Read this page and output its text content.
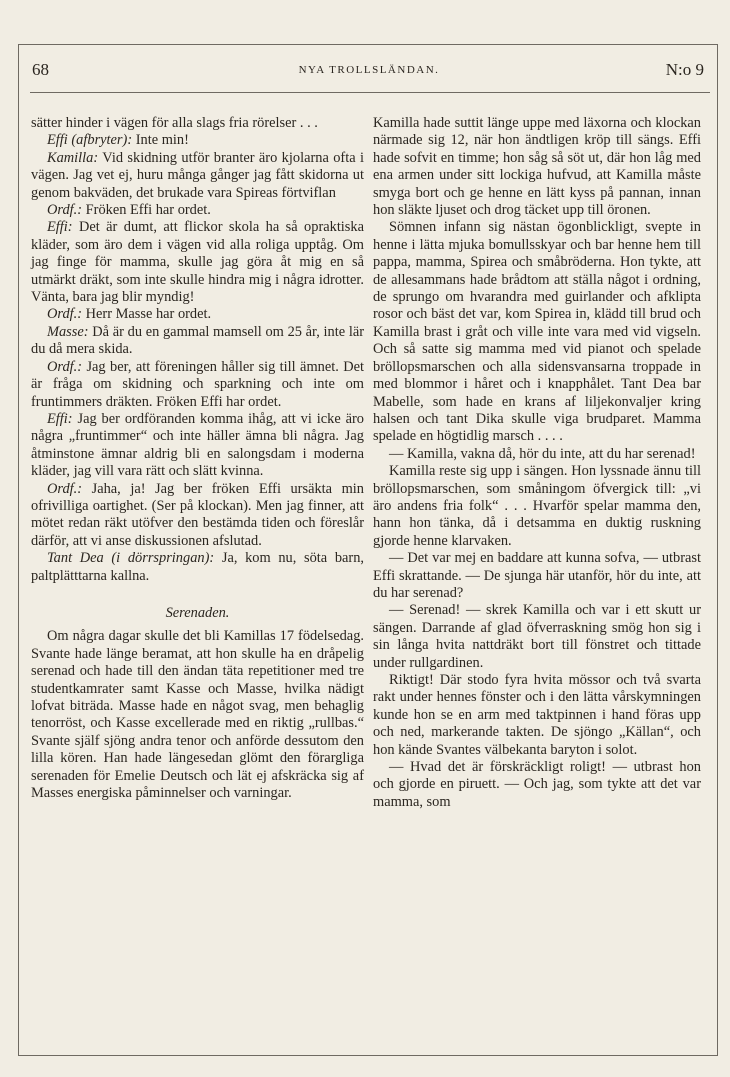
68	NYA TROLLSLÄNDAN.	N:o 9

sätter hinder i vägen för alla slags fria rörelser . . .

Effi (afbryter): Inte min!

Kamilla: Vid skidning utför branter äro kjolarna ofta i vägen. Jag vet ej, huru många gånger jag fått skidorna ut genom bakväden, det brukade vara Spireas förtviflan

Ordf.: Fröken Effi har ordet.

Effi: Det är dumt, att flickor skola ha så opraktiska kläder, som äro dem i vägen vid alla roliga upptåg. Om jag finge för mamma, skulle jag göra åt mig en så utmärkt dräkt, som inte skulle hindra mig i några idrotter. Vänta, bara jag blir myndig!

Ordf.: Herr Masse har ordet.

Masse: Då är du en gammal mamsell om 25 år, inte lär du då mera skida.

Ordf.: Jag ber, att föreningen håller sig till ämnet. Det är fråga om skidning och sparkning och inte om fruntimmers dräkten. Fröken Effi har ordet.

Effi: Jag ber ordföranden komma ihåg, att vi icke äro några „fruntimmer“ och inte häller ämna bli några. Jag åtminstone ämnar aldrig bli en salongsdam i moderna kläder, jag vill vara rätt och slätt kvinna.

Ordf.: Jaha, ja! Jag ber fröken Effi ursäkta min ofrivilliga oartighet. (Ser på klockan). Men jag finner, att mötet redan räkt utöfver den bestämda tiden och föreslår därför, att vi anse diskussionen afslutad.

Tant Dea (i dörrspringan): Ja, kom nu, söta barn, paltplätttarna kallna.

Serenaden.

Om några dagar skulle det bli Kamillas 17 födelsedag. Svante hade länge beramat, att hon skulle ha en dråpelig serenad och hade till den ändan täta repetitioner med tre studentkamrater samt Kasse och Masse, hvilka nädigt lofvat biträda. Masse hade en något svag, men behaglig tenorröst, och Kasse excellerade med en riktig „rullbas.“ Svante själf sjöng andra tenor och anförde dessutom den lilla kören. Han hade längesedan glömt den förargliga serenaden för Emelie Deutsch och lät ej afskräcka sig af Masses energiska påminnelser och varningar.

Kamilla hade suttit länge uppe med läxorna och klockan närmade sig 12, när hon ändtligen kröp till sängs. Effi hade sofvit en timme; hon såg så söt ut, där hon låg med ena armen under sitt lockiga hufvud, att Kamilla måste smyga bort och ge henne en lätt kyss på pannan, innan hon släkte ljuset och drog täcket upp till öronen.

Sömnen infann sig nästan ögonblickligt, svepte in henne i lätta mjuka bomullsskyar och bar henne hem till pappa, mamma, Spirea och småbröderna. Hon tykte, att de allesammans hade brådtom att ställa något i ordning, de sprungo om hvarandra med guirlander och afklipta rosor och bäst det var, kom Spirea in, klädd till brud och Kamilla brast i gråt och ville inte vara med vid vigseln. Och så satte sig mamma med vid pianot och spelade bröllopsmarschen och alla sidensvansarna troppade in med blommor i håret och i knapphålet. Tant Dea bar Mabelle, som hade en krans af liljekonvaljer kring halsen och tant Dika skulle viga brudparet. Mamma spelade en högtidlig marsch . . . .

— Kamilla, vakna då, hör du inte, att du har serenad!

Kamilla reste sig upp i sängen. Hon lyssnade ännu till bröllopsmarschen, som småningom öfvergick till: „vi äro andens fria folk“ . . . Hvarför spelar mamma den, hann hon tänka, då i detsamma en duktig ruskning gjorde henne klarvaken.

— Det var mej en baddare att kunna sofva, — utbrast Effi skrattande. — De sjunga här utanför, hör du inte, att du har serenad?

— Serenad! — skrek Kamilla och var i ett skutt ur sängen. Darrande af glad öfverraskning smög hon sig i sin långa hvita nattdräkt bort till fönstret och tittade under rullgardinen.

Riktigt! Där stodo fyra hvita mössor och två svarta rakt under hennes fönster och i den lätta vårskymningen kunde hon se en arm med taktpinnen i hand föras upp och ned, markerande takten. De sjöngo „Källan“, och hon kände Svantes välbekanta baryton i solot.

— Hvad det är förskräckligt roligt! — utbrast hon och gjorde en piruett. — Och jag, som tykte att det var mamma, som
